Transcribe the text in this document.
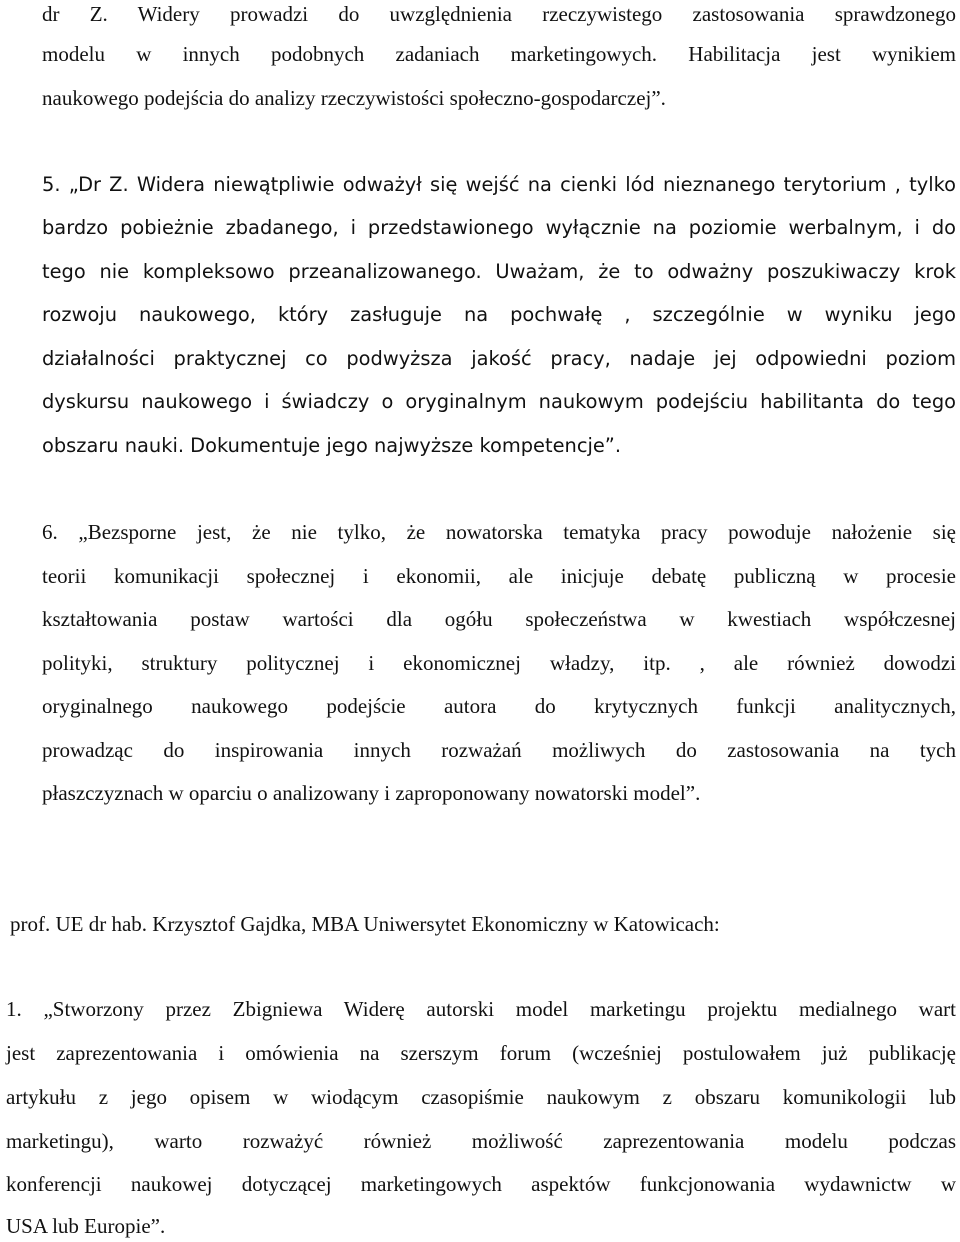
dr Z. Widery prowadzi do uwzględnienia rzeczywistego zastosowania sprawdzonego
modelu w innych podobnych zadaniach marketingowych. Habilitacja jest wynikiem
naukowego podejścia do analizy rzeczywistości społeczno-gospodarczej”.
5. „Dr Z. Widera niewątpliwie odważył się wejść na cienki lód nieznanego terytorium , tylko
bardzo pobieżnie zbadanego, i przedstawionego wyłącznie na poziomie werbalnym, i do
tego nie kompleksowo przeanalizowanego. Uważam, że to odważny poszukiwaczy krok
rozwoju naukowego, który zasługuje na pochwałę , szczególnie w wyniku jego
działalności praktycznej co podwyższa jakość pracy, nadaje jej odpowiedni poziom
dyskursu naukowego i świadczy o oryginalnym naukowym podejściu habilitanta do tego
obszaru nauki. Dokumentuje jego najwyższe kompetencje”.
6. „Bezsporne jest, że nie tylko, że nowatorska tematyka pracy powoduje nałożenie się
teorii komunikacji społecznej i ekonomii, ale inicjuje debatę publiczną w procesie
kształtowania postaw wartości dla ogółu społeczeństwa w kwestiach współczesnej
polityki, struktury politycznej i ekonomicznej władzy, itp. , ale również dowodzi
oryginalnego naukowego podejście autora do krytycznych funkcji analitycznych,
prowadząc do inspirowania innych rozważań możliwych do zastosowania na tych
płaszczyznach w oparciu o analizowany i zaproponowany nowatorski model”.
prof. UE dr hab. Krzysztof Gajdka, MBA Uniwersytet Ekonomiczny w Katowicach:
1. „Stworzony przez Zbigniewa Widerę autorski model marketingu projektu medialnego wart
jest zaprezentowania i omówienia na szerszym forum (wcześniej postulowałem już publikację
artykułu z jego opisem w wiodącym czasopiśmie naukowym z obszaru komunikologii lub
marketingu), warto rozważyć również możliwość zaprezentowania modelu podczas
konferencji naukowej dotyczącej marketingowych aspektów funkcjonowania wydawnictw w
USA lub Europie”.
